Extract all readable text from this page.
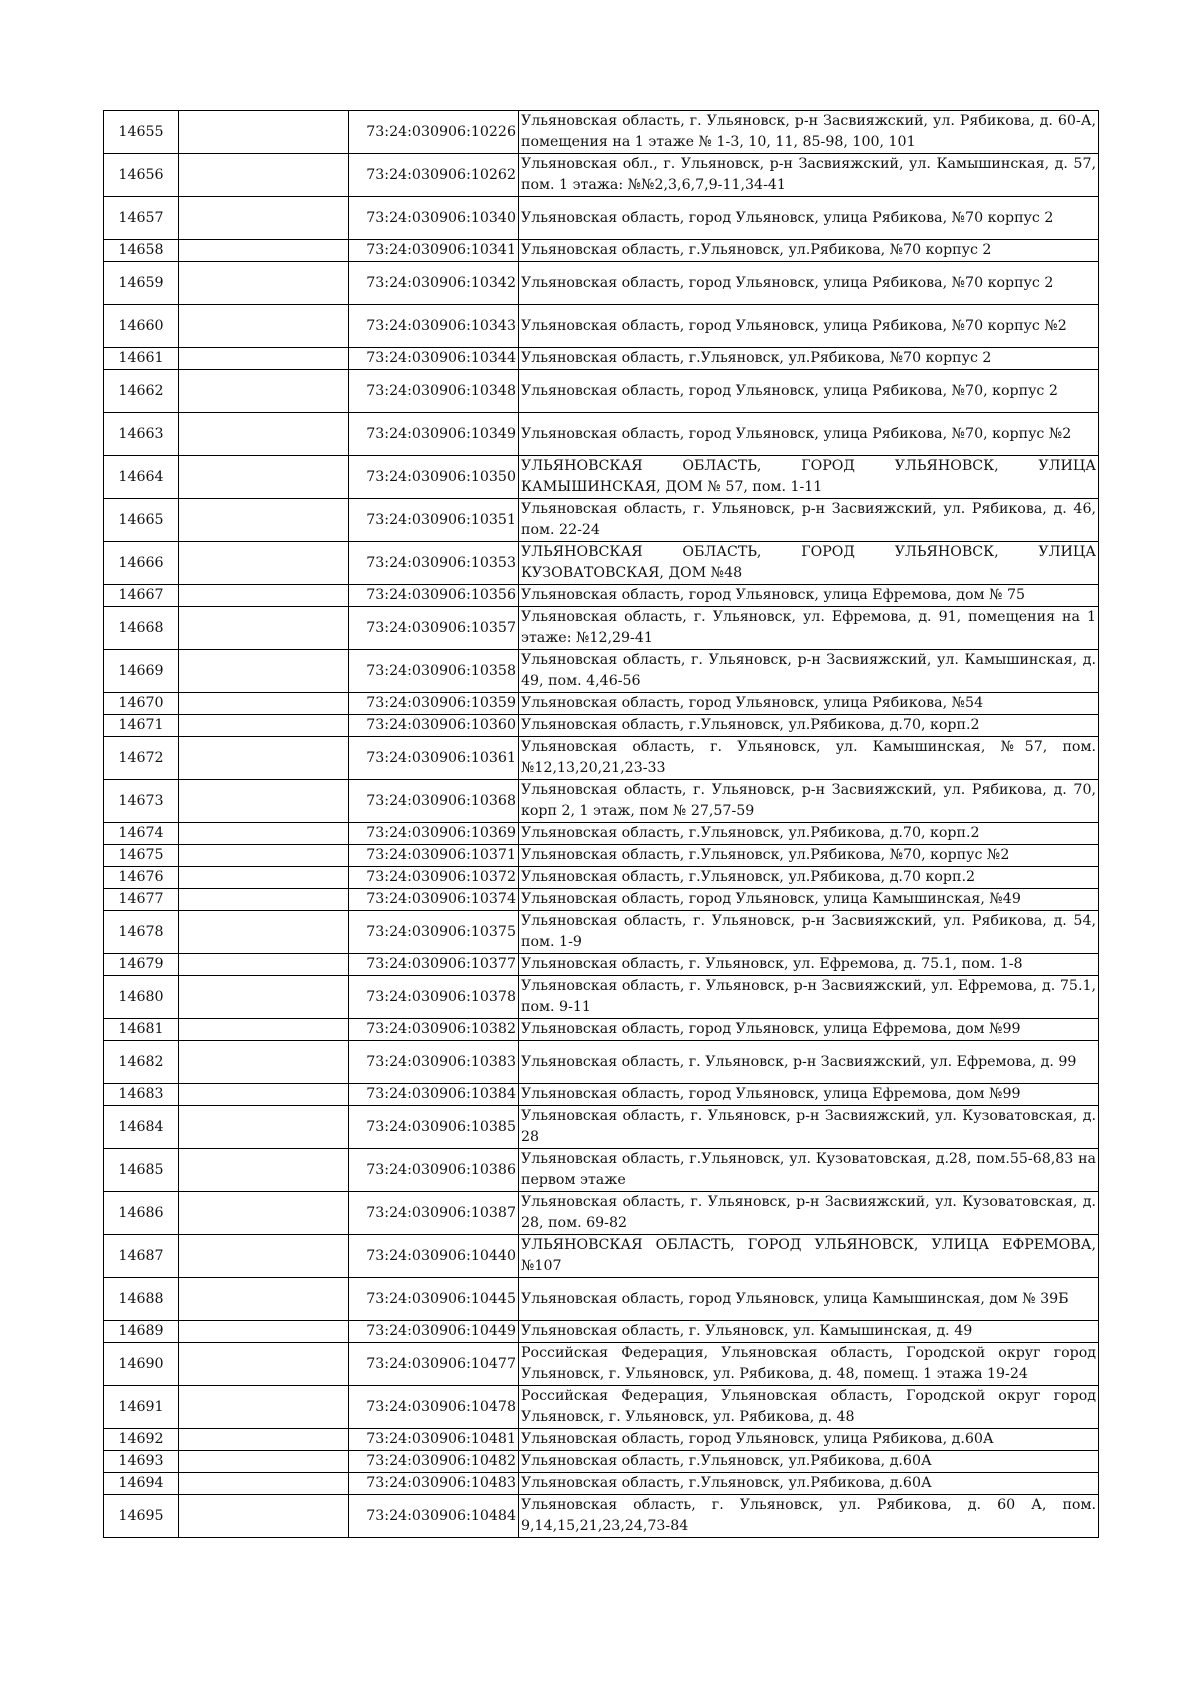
14655		73:24:030906:10226	Ульяновская область, г. Ульяновск, р-н Засвияжский, ул. Рябикова, д. 60-А, помещения на 1 этаже № 1-3, 10, 11, 85-98, 100, 101
14656		73:24:030906:10262	Ульяновская обл., г. Ульяновск, р-н Засвияжский, ул. Камышинская, д. 57, пом. 1 этажа: №№2,3,6,7,9-11,34-41
14657		73:24:030906:10340	Ульяновская область, город Ульяновск, улица Рябикова, №70 корпус 2
14658		73:24:030906:10341	Ульяновская область, г.Ульяновск, ул.Рябикова, №70 корпус 2
14659		73:24:030906:10342	Ульяновская область, город Ульяновск, улица Рябикова, №70 корпус 2
14660		73:24:030906:10343	Ульяновская область, город Ульяновск, улица Рябикова, №70 корпус №2
14661		73:24:030906:10344	Ульяновская область, г.Ульяновск, ул.Рябикова, №70 корпус 2
14662		73:24:030906:10348	Ульяновская область, город Ульяновск, улица Рябикова, №70, корпус 2
14663		73:24:030906:10349	Ульяновская область, город Ульяновск, улица Рябикова, №70, корпус №2
14664		73:24:030906:10350	УЛЬЯНОВСКАЯ ОБЛАСТЬ, ГОРОД УЛЬЯНОВСК, УЛИЦА КАМЫШИНСКАЯ, ДОМ № 57, пом. 1-11
14665		73:24:030906:10351	Ульяновская область, г. Ульяновск, р-н Засвияжский, ул. Рябикова, д. 46, пом. 22-24
14666		73:24:030906:10353	УЛЬЯНОВСКАЯ ОБЛАСТЬ, ГОРОД УЛЬЯНОВСК, УЛИЦА КУЗОВАТОВСКАЯ, ДОМ №48
14667		73:24:030906:10356	Ульяновская область, город Ульяновск, улица Ефремова, дом № 75
14668		73:24:030906:10357	Ульяновская область, г. Ульяновск, ул. Ефремова, д. 91, помещения на 1 этаже: №12,29-41
14669		73:24:030906:10358	Ульяновская область, г. Ульяновск, р-н Засвияжский, ул. Камышинская, д. 49, пом. 4,46-56
14670		73:24:030906:10359	Ульяновская область, город Ульяновск, улица Рябикова, №54
14671		73:24:030906:10360	Ульяновская область, г.Ульяновск, ул.Рябикова, д.70, корп.2
14672		73:24:030906:10361	Ульяновская область, г. Ульяновск, ул. Камышинская, №57, пом. №12,13,20,21,23-33
14673		73:24:030906:10368	Ульяновская область, г. Ульяновск, р-н Засвияжский, ул. Рябикова, д. 70, корп 2, 1 этаж, пом № 27,57-59
14674		73:24:030906:10369	Ульяновская область, г.Ульяновск, ул.Рябикова, д.70, корп.2
14675		73:24:030906:10371	Ульяновская область, г.Ульяновск, ул.Рябикова, №70, корпус №2
14676		73:24:030906:10372	Ульяновская область, г.Ульяновск, ул.Рябикова, д.70 корп.2
14677		73:24:030906:10374	Ульяновская область, город Ульяновск, улица Камышинская, №49
14678		73:24:030906:10375	Ульяновская область, г. Ульяновск, р-н Засвияжский, ул. Рябикова, д. 54, пом. 1-9
14679		73:24:030906:10377	Ульяновская область, г. Ульяновск, ул. Ефремова, д. 75.1, пом. 1-8
14680		73:24:030906:10378	Ульяновская область, г. Ульяновск, р-н Засвияжский, ул. Ефремова, д. 75.1, пом. 9-11
14681		73:24:030906:10382	Ульяновская область, город Ульяновск, улица Ефремова, дом №99
14682		73:24:030906:10383	Ульяновская область, г. Ульяновск, р-н Засвияжский, ул. Ефремова, д. 99
14683		73:24:030906:10384	Ульяновская область, город Ульяновск, улица Ефремова, дом №99
14684		73:24:030906:10385	Ульяновская область, г. Ульяновск, р-н Засвияжский, ул. Кузоватовская, д. 28
14685		73:24:030906:10386	Ульяновская область, г.Ульяновск, ул. Кузоватовская, д.28, пом.55-68,83 на первом этаже
14686		73:24:030906:10387	Ульяновская область, г. Ульяновск, р-н Засвияжский, ул. Кузоватовская, д. 28, пом. 69-82
14687		73:24:030906:10440	УЛЬЯНОВСКАЯ ОБЛАСТЬ, ГОРОД УЛЬЯНОВСК, УЛИЦА ЕФРЕМОВА, №107
14688		73:24:030906:10445	Ульяновская область, город Ульяновск, улица Камышинская, дом № 39Б
14689		73:24:030906:10449	Ульяновская область, г. Ульяновск, ул. Камышинская, д. 49
14690		73:24:030906:10477	Российская Федерация, Ульяновская область, Городской округ город Ульяновск, г. Ульяновск, ул. Рябикова, д. 48, помещ. 1 этажа 19-24
14691		73:24:030906:10478	Российская Федерация, Ульяновская область, Городской округ город Ульяновск, г. Ульяновск, ул. Рябикова, д. 48
14692		73:24:030906:10481	Ульяновская область, город Ульяновск, улица Рябикова, д.60А
14693		73:24:030906:10482	Ульяновская область, г.Ульяновск, ул.Рябикова, д.60А
14694		73:24:030906:10483	Ульяновская область, г.Ульяновск, ул.Рябикова, д.60А
14695		73:24:030906:10484	Ульяновская область, г. Ульяновск, ул. Рябикова, д. 60 А, пом. 9,14,15,21,23,24,73-84
